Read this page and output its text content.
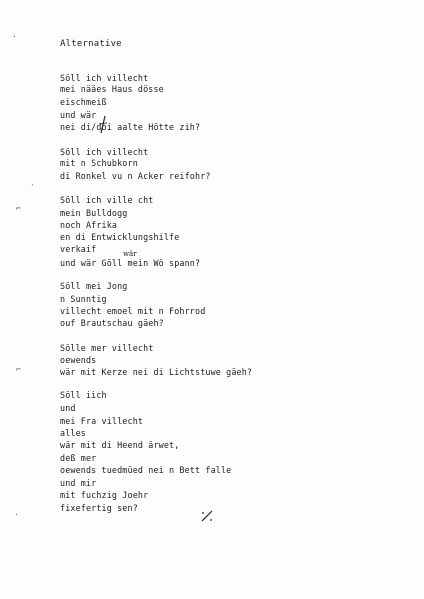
Alternative
Söll ich villecht
mei nääes Haus dösse
eischmeiß
und wär
nei di/doi aalte Hötte zih?
Söll ich villecht
mit n Schubkorn
di Ronkel vu n Acker reifohr?
Söll ich ville cht
mein Bulldogg
noch Afrika
en di Entwicklungshilfe
verkaif
und wär Göll mein Wö spann?
wär
Söll mei Jong
n Sunntig
villecht emoel mit n Fohrrod
ouf Brautschau gäeh?
Sölle mer villecht
oewends
wär mit Kerze nei di Lichtstuwe gäeh?
Söll iich
und
mei Fra villecht
alles
wär mit di Heend ärwet,
deß mer
oewends tuedmüed nei n Bett falle
und mir
mit fuchzig Joehr
fixefertig sen?
·
ˎ
⌐
⌐
·
